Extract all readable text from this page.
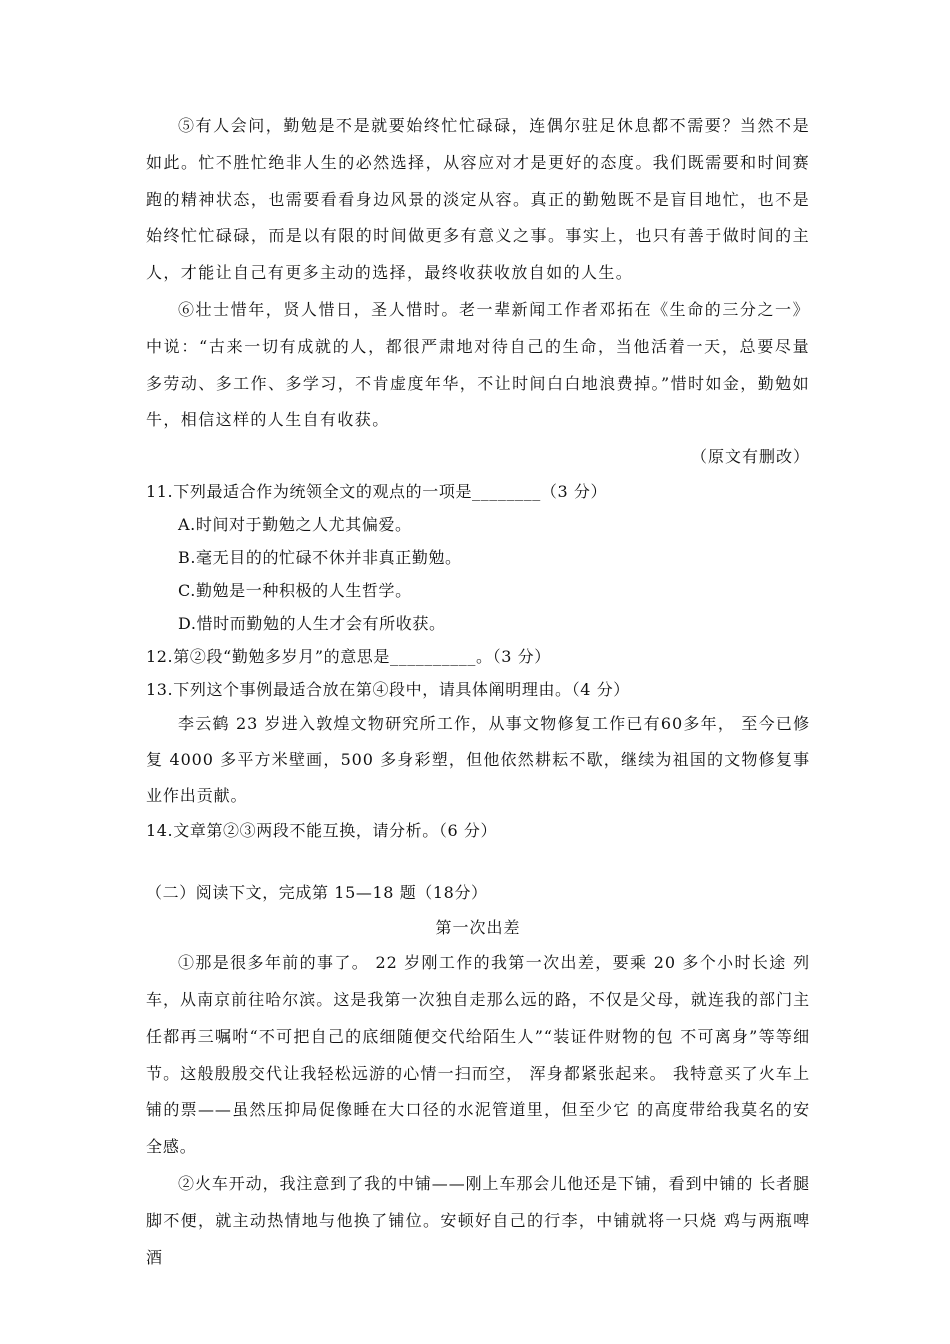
⑤有人会问，勤勉是不是就要始终忙忙碌碌，连偶尔驻足休息都不需要？当然不是如此。忙不胜忙绝非人生的必然选择，从容应对才是更好的态度。我们既需要和时间赛跑的精神状态，也需要看看身边风景的淡定从容。真正的勤勉既不是盲目地忙，也不是始终忙忙碌碌，而是以有限的时间做更多有意义之事。事实上，也只有善于做时间的主人，才能让自己有更多主动的选择，最终收获收放自如的人生。

⑥壮士惜年，贤人惜日，圣人惜时。老一辈新闻工作者邓拓在《生命的三分之一》中说：“古来一切有成就的人，都很严肃地对待自己的生命，当他活着一天，总要尽量多劳动、多工作、多学习，不肯虚度年华，不让时间白白地浪费掉。”惜时如金，勤勉如牛，相信这样的人生自有收获。

（原文有删改）

11.下列最适合作为统领全文的观点的一项是________（3 分）

A.时间对于勤勉之人尤其偏爱。

B.毫无目的的忙碌不休并非真正勤勉。

C.勤勉是一种积极的人生哲学。

D.惜时而勤勉的人生才会有所收获。

12.第②段“勤勉多岁月”的意思是__________。（3 分）

13.下列这个事例最适合放在第④段中，请具体阐明理由。（4 分）

李云鹤 23 岁进入敦煌文物研究所工作，从事文物修复工作已有60多年， 至今已修复 4000 多平方米壁画，500 多身彩塑，但他依然耕耘不歇，继续为祖国的文物修复事业作出贡献。

14.文章第②③两段不能互换，请分析。（6 分）

（二）阅读下文，完成第 15—18 题（18分）

第一次出差

①那是很多年前的事了。 22 岁刚工作的我第一次出差，要乘 20 多个小时长途 列车，从南京前往哈尔滨。这是我第一次独自走那么远的路，不仅是父母，就连我的部门主任都再三嘱咐“不可把自己的底细随便交代给陌生人”“装证件财物的包 不可离身”等等细节。这般殷殷交代让我轻松远游的心情一扫而空， 浑身都紧张起来。 我特意买了火车上铺的票——虽然压抑局促像睡在大口径的水泥管道里，但至少它 的高度带给我莫名的安全感。

②火车开动，我注意到了我的中铺——刚上车那会儿他还是下铺，看到中铺的 长者腿脚不便，就主动热情地与他换了铺位。安顿好自己的行李，中铺就将一只烧 鸡与两瓶啤酒
